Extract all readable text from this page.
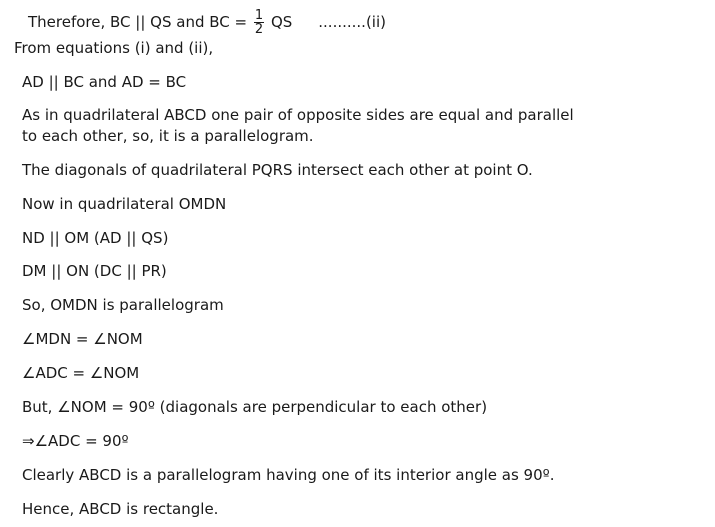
Therefore, BC || QS and BC = $\frac{1}{2}$ QS ..........(ii)
From equations (i) and (ii),
AD || BC and AD = BC
As in quadrilateral ABCD one pair of opposite sides are equal and parallel
to each other, so, it is a parallelogram.
The diagonals of quadrilateral PQRS intersect each other at point O.
Now in quadrilateral OMDN
ND || OM (AD || QS)
DM || ON (DC || PR)
So, OMDN is parallelogram
∠MDN = ∠NOM
∠ADC = ∠NOM
But, ∠NOM = 90º (diagonals are perpendicular to each other)
⇒∠ADC = 90º
Clearly ABCD is a parallelogram having one of its interior angle as 90º.
Hence, ABCD is rectangle.
